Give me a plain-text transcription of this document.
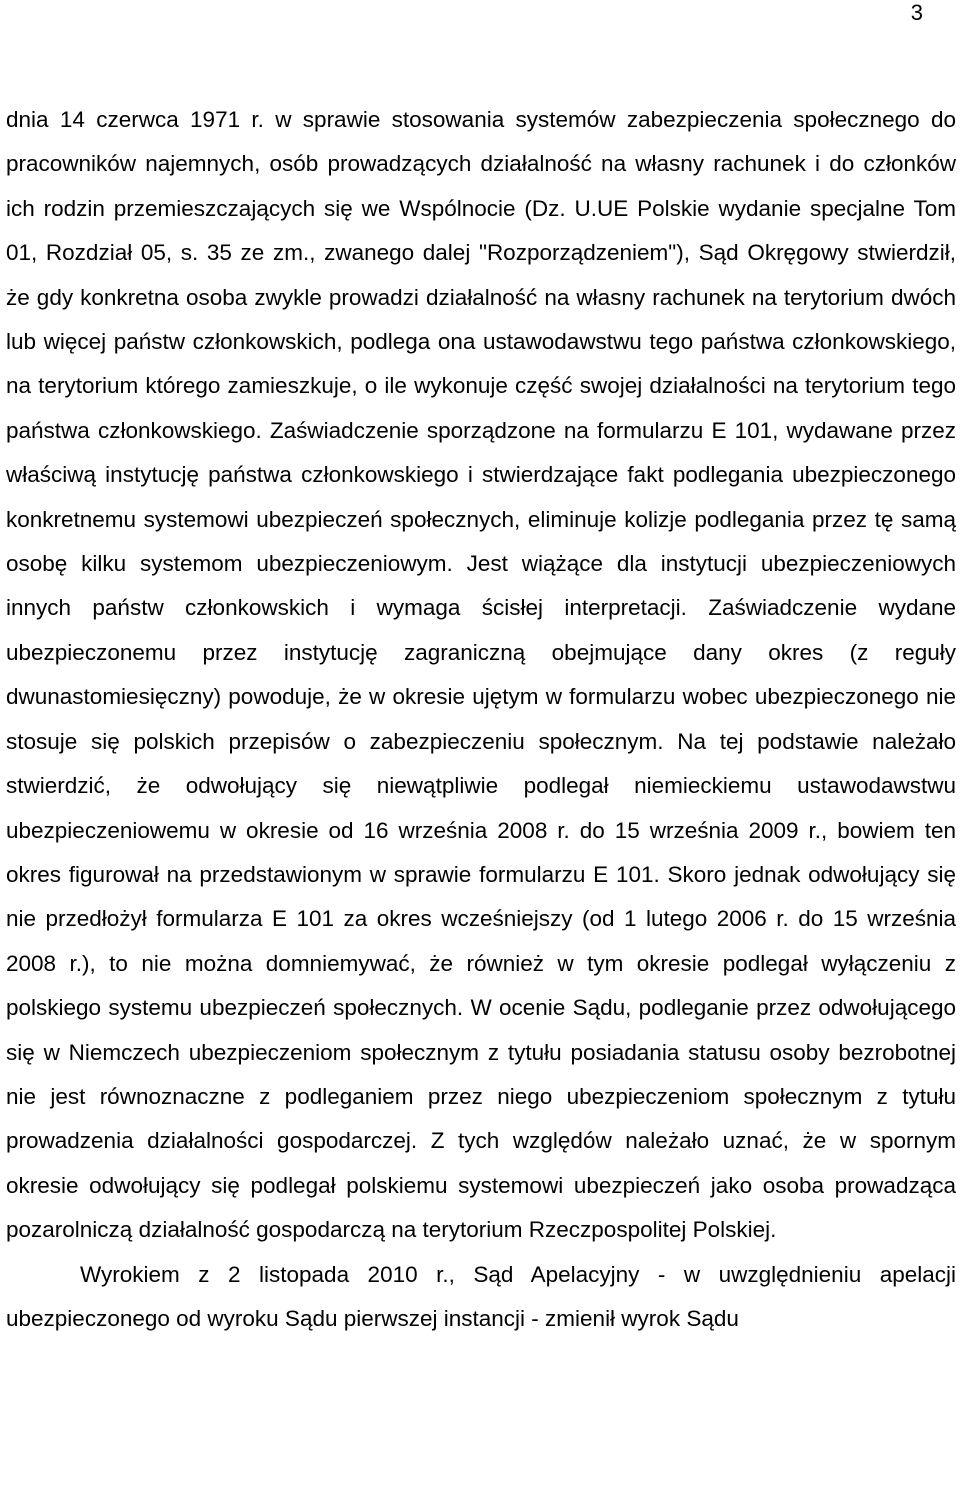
3

dnia 14 czerwca 1971 r. w sprawie stosowania systemów zabezpieczenia społecznego do pracowników najemnych, osób prowadzących działalność na własny rachunek i do członków ich rodzin przemieszczających się we Wspólnocie (Dz. U.UE Polskie wydanie specjalne Tom 01, Rozdział 05, s. 35 ze zm., zwanego dalej "Rozporządzeniem"), Sąd Okręgowy stwierdził, że gdy konkretna osoba zwykle prowadzi działalność na własny rachunek na terytorium dwóch lub więcej państw członkowskich, podlega ona ustawodawstwu tego państwa członkowskiego, na terytorium którego zamieszkuje, o ile wykonuje część swojej działalności na terytorium tego państwa członkowskiego. Zaświadczenie sporządzone na formularzu E 101, wydawane przez właściwą instytucję państwa członkowskiego i stwierdzające fakt podlegania ubezpieczonego konkretnemu systemowi ubezpieczeń społecznych, eliminuje kolizje podlegania przez tę samą osobę kilku systemom ubezpieczeniowym. Jest wiążące dla instytucji ubezpieczeniowych innych państw członkowskich i wymaga ścisłej interpretacji. Zaświadczenie wydane ubezpieczonemu przez instytucję zagraniczną obejmujące dany okres (z reguły dwunastomiesięczny) powoduje, że w okresie ujętym w formularzu wobec ubezpieczonego nie stosuje się polskich przepisów o zabezpieczeniu społecznym. Na tej podstawie należało stwierdzić, że odwołujący się niewątpliwie podlegał niemieckiemu ustawodawstwu ubezpieczeniowemu w okresie od 16 września 2008 r. do 15 września 2009 r., bowiem ten okres figurował na przedstawionym w sprawie formularzu E 101. Skoro jednak odwołujący się nie przedłożył formularza E 101 za okres wcześniejszy (od 1 lutego 2006 r. do 15 września 2008 r.), to nie można domniemywać, że również w tym okresie podlegał wyłączeniu z polskiego systemu ubezpieczeń społecznych. W ocenie Sądu, podleganie przez odwołującego się w Niemczech ubezpieczeniom społecznym z tytułu posiadania statusu osoby bezrobotnej nie jest równoznaczne z podleganiem przez niego ubezpieczeniom społecznym z tytułu prowadzenia działalności gospodarczej. Z tych względów należało uznać, że w spornym okresie odwołujący się podlegał polskiemu systemowi ubezpieczeń jako osoba prowadząca pozarolniczą działalność gospodarczą na terytorium Rzeczpospolitej Polskiej.

Wyrokiem z 2 listopada 2010 r., Sąd Apelacyjny - w uwzględnieniu apelacji ubezpieczonego od wyroku Sądu pierwszej instancji - zmienił wyrok Sądu
